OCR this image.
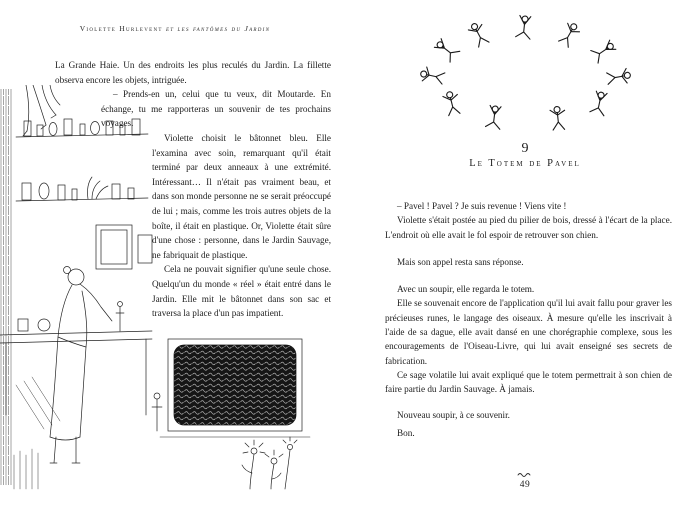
Violette Hurlevent et les fantômes du Jardin

La Grande Haie. Un des endroits les plus reculés du Jardin. La fillette observa encore les objets, intriguée.

– Prends-en un, celui que tu veux, dit Moutarde. En échange, tu me rapporteras un souvenir de tes prochains voyages.

Violette choisit le bâtonnet bleu. Elle l'examina avec soin, remarquant qu'il était terminé par deux anneaux à une extrémité. Intéressant… Il n'était pas vraiment beau, et dans son monde personne ne se serait préoccupé de lui ; mais, comme les trois autres objets de la boîte, il était en plastique. Or, Violette était sûre d'une chose : personne, dans le Jardin Sauvage, ne fabriquait de plastique.

Cela ne pouvait signifier qu'une seule chose. Quelqu'un du monde « réel » était entré dans le Jardin. Elle mit le bâtonnet dans son sac et traversa la place d'un pas impatient.

9
Le Totem de Pavel

– Pavel ! Pavel ? Je suis revenue ! Viens vite !

Violette s'était postée au pied du pilier de bois, dressé à l'écart de la place. L'endroit où elle avait le fol espoir de retrouver son chien.

Mais son appel resta sans réponse.

Avec un soupir, elle regarda le totem.

Elle se souvenait encore de l'application qu'il lui avait fallu pour graver les précieuses runes, le langage des oiseaux. À mesure qu'elle les inscrivait à l'aide de sa dague, elle avait dansé en une chorégraphie complexe, sous les encouragements de l'Oiseau-Livre, qui lui avait enseigné ses secrets de fabrication.

Ce sage volatile lui avait expliqué que le totem permettrait à son chien de faire partie du Jardin Sauvage. À jamais.

Nouveau soupir, à ce souvenir.

Bon.

49
